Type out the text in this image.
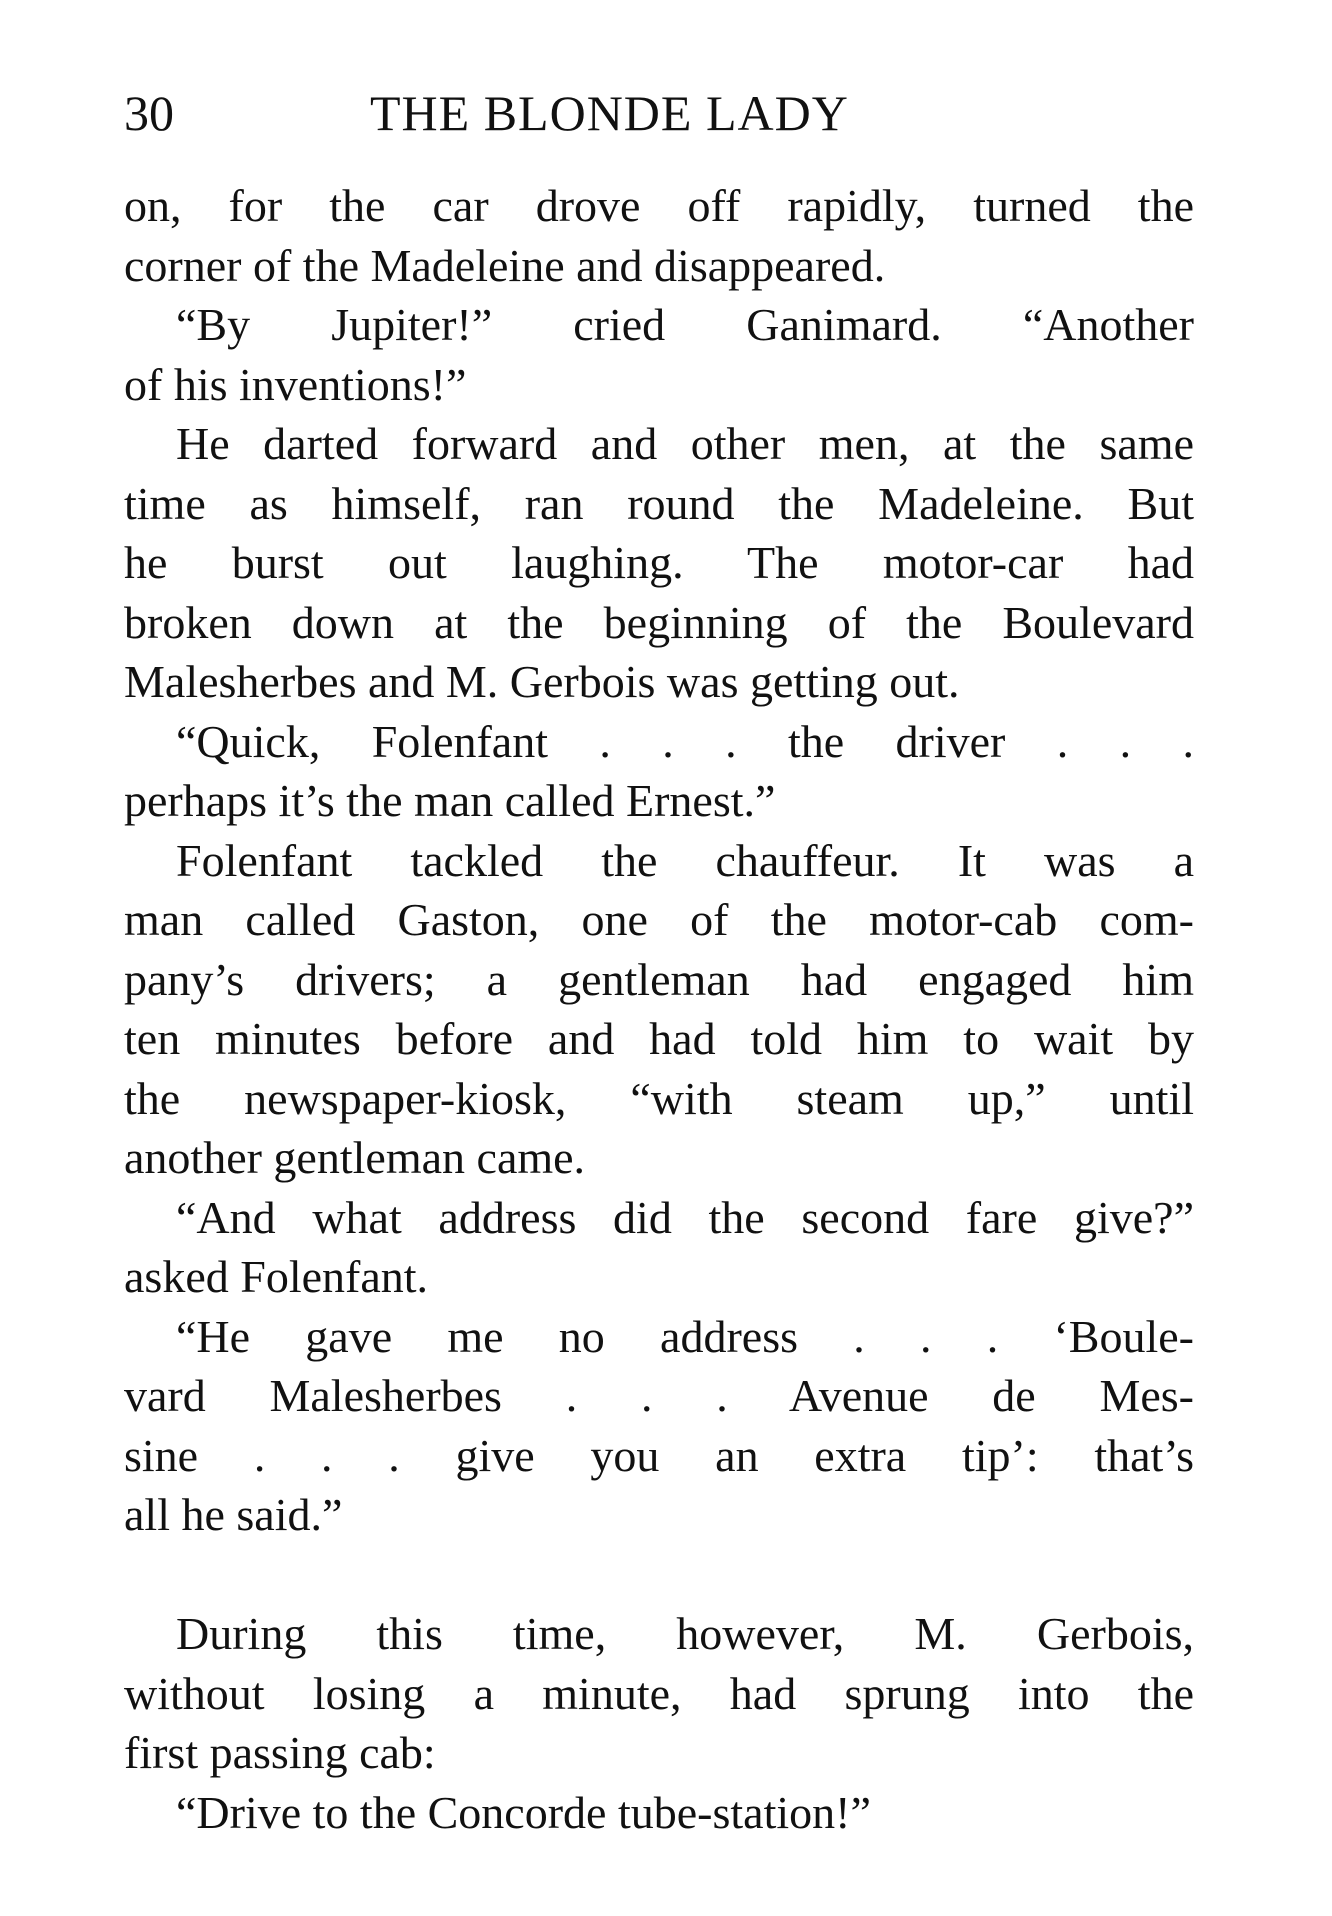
30	THE BLONDE LADY
on, for the car drove off rapidly, turned the
corner of the Madeleine and disappeared.
“By Jupiter!” cried Ganimard. “Another
of his inventions!”
He darted forward and other men, at the same
time as himself, ran round the Madeleine. But
he burst out laughing. The motor-car had
broken down at the beginning of the Boulevard
Malesherbes and M. Gerbois was getting out.
“Quick, Folenfant . . . the driver . . .
perhaps it’s the man called Ernest.”
Folenfant tackled the chauffeur. It was a
man called Gaston, one of the motor-cab com-
pany’s drivers; a gentleman had engaged him
ten minutes before and had told him to wait by
the newspaper-kiosk, “with steam up,” until
another gentleman came.
“And what address did the second fare give?”
asked Folenfant.
“He gave me no address . . . ‘Boule-
vard Malesherbes . . . Avenue de Mes-
sine . . . give you an extra tip’: that’s
all he said.”
During this time, however, M. Gerbois,
without losing a minute, had sprung into the
first passing cab:
“Drive to the Concorde tube-station!”
